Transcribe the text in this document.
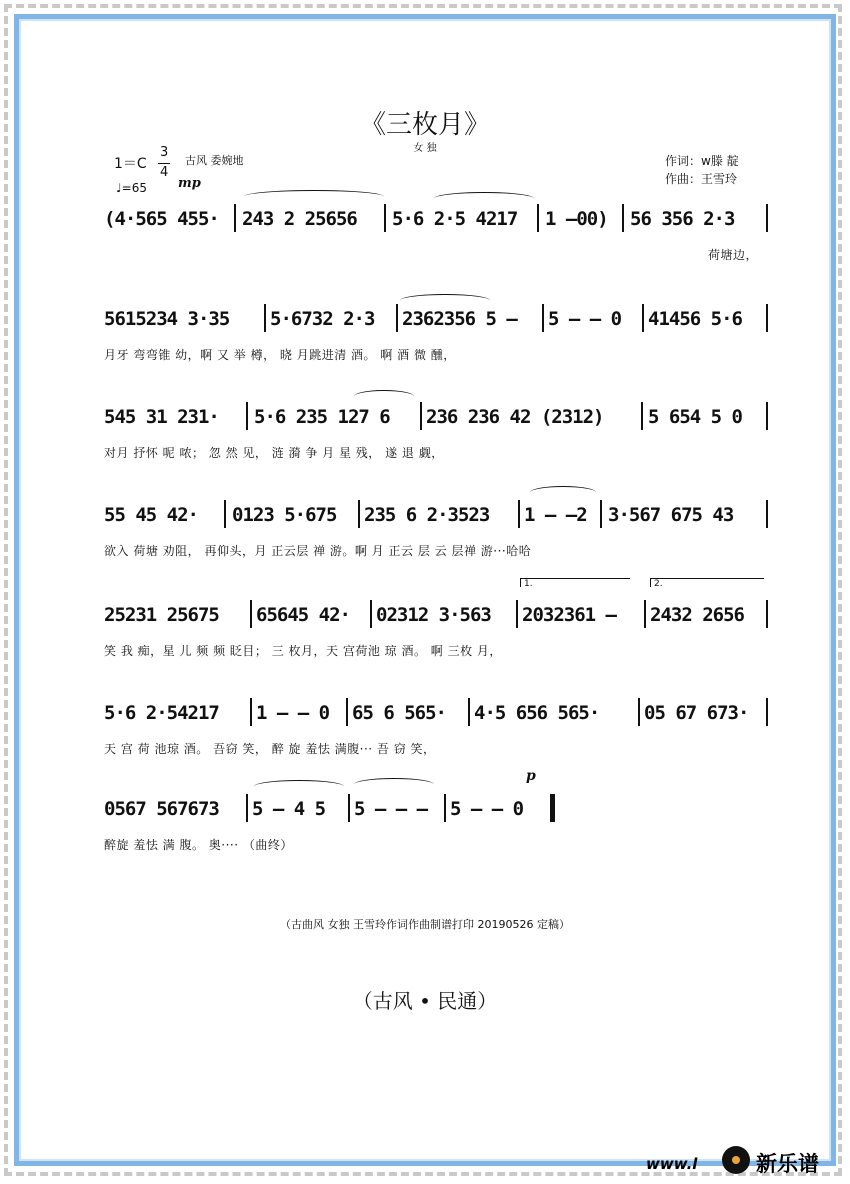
《三枚月》
女 独
1＝C
3
4
古风 委婉地
♩=65 mp
作词：w滕 靛
作曲：王雪玲
(4·565 455· 243 2 25656 5·6 2·5 4217 1 –00) 56 356 2·3
荷塘边，
5615234 3·35 5·6732 2·3 2362356 5 – 5 – – 0 41456 5·6
月牙 弯弯锥 幼，啊 又 举 樽， 晓 月跳进清 酒。 啊 酒 微 醺，
545 31 231· 5·6 235 127 6 236 236 42 (2312) 5 654 5 0
对月 抒怀 呢 哝； 忽 然 见， 涟 漪 争 月 星 残， 遂 退 觑，
55 45 42· 0123 5·675 235 6 2·3523 1 – –2 3·567 675 43
欲入 荷塘 劝阻， 再仰头，月 正云层 禅 游。啊 月 正云 层 云 层禅 游···哈哈
25231 25675 65645 42· 02312 3·563 2032361 – 2432 2656
1.	2.
笑 我 痴，星 儿 频 频 眨目； 三 枚月，天 宫荷池 琼 酒。 啊 三枚 月，
5·6 2·54217 1 – – 0 65 6 565· 4·5 656 565· 05 67 673·
天 宫 荷 池琼 酒。 吾窃 笑， 醉 旋 羞怯 满腹··· 吾 窃 笑，
0567 567673 5 – 4 5 5 – – – 5 – – 0
p
醉旋 羞怯 满 腹。 奥···· （曲终）
（古曲风 女独 王雪玲作词作曲制谱打印 20190526 定稿）
（古风 • 民通）
www.l	新乐谱
